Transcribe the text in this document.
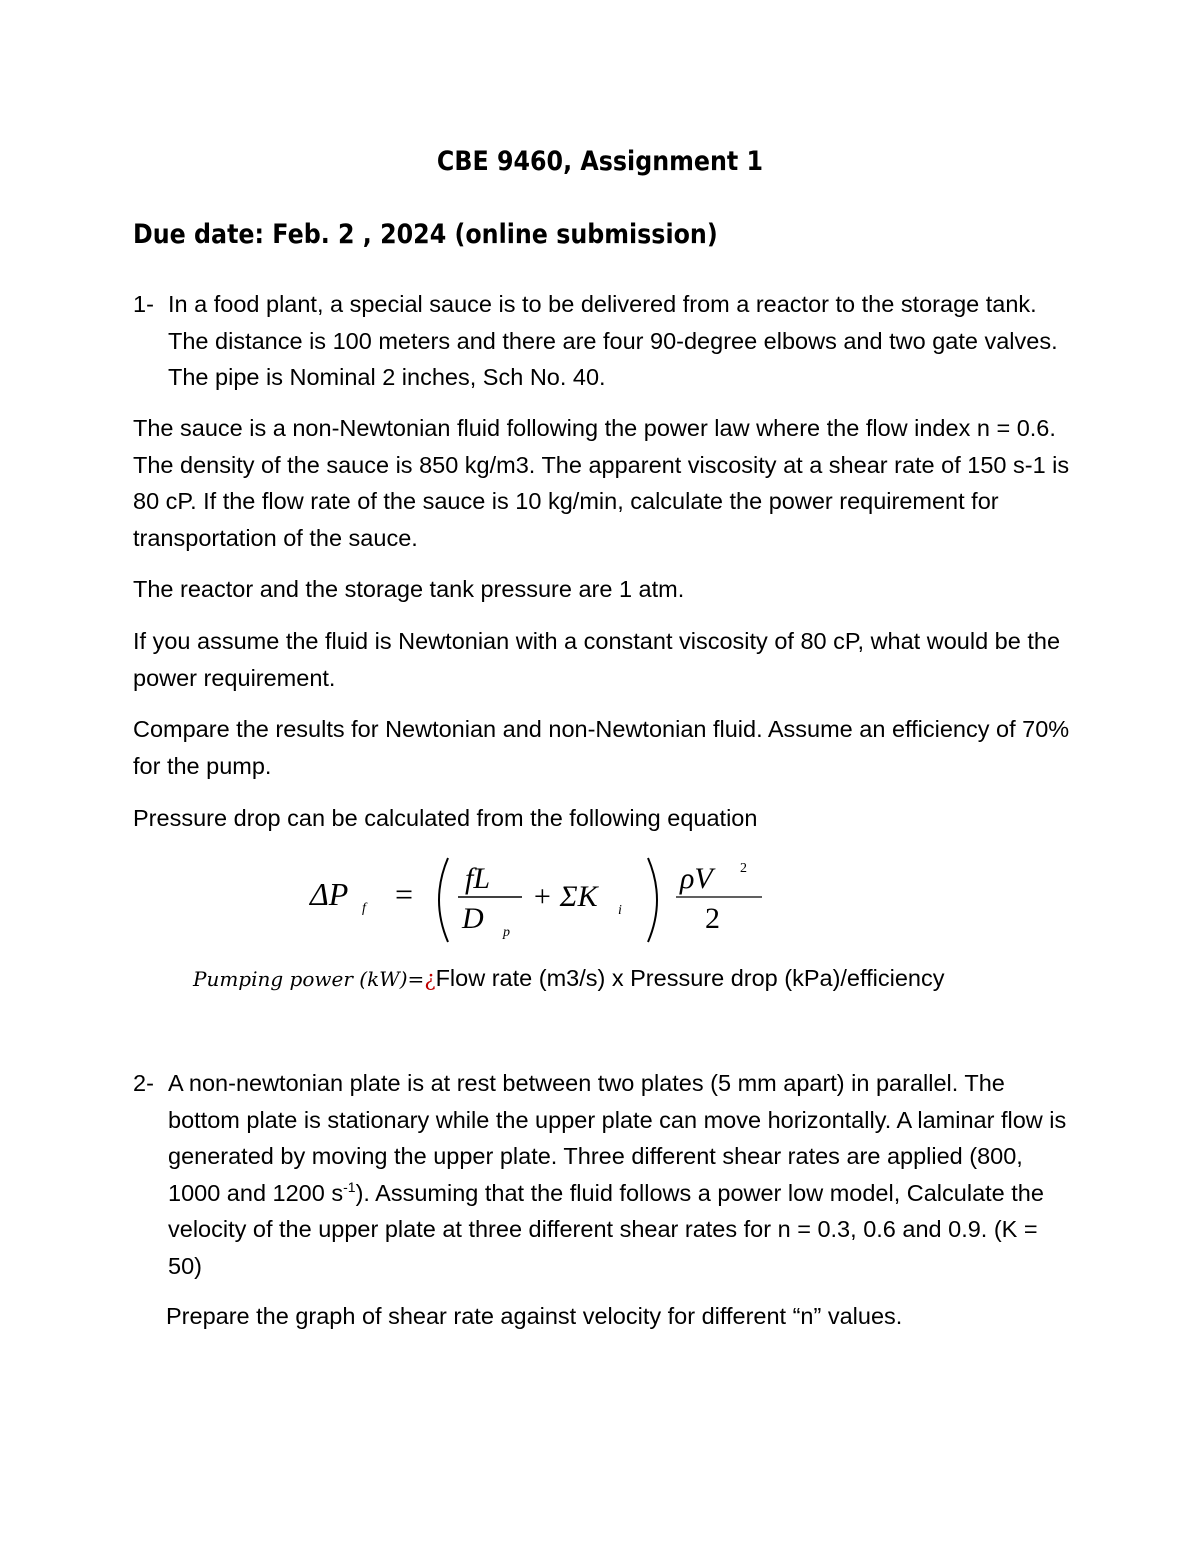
CBE 9460, Assignment 1
Due date: Feb. 2 , 2024 (online submission)
1- In a food plant, a special sauce is to be delivered from a reactor to the storage tank. The distance is 100 meters and there are four 90-degree elbows and two gate valves. The pipe is Nominal 2 inches, Sch No. 40.
The sauce is a non-Newtonian fluid following the power law where the flow index n = 0.6. The density of the sauce is 850 kg/m3. The apparent viscosity at a shear rate of 150 s-1 is 80 cP. If the flow rate of the sauce is 10 kg/min, calculate the power requirement for transportation of the sauce.
The reactor and the storage tank pressure are 1 atm.
If you assume the fluid is Newtonian with a constant viscosity of 80 cP, what would be the power requirement.
Compare the results for Newtonian and non-Newtonian fluid. Assume an efficiency of 70% for the pump.
Pressure drop can be calculated from the following equation
ΔP f = fL
D p
+ ΣK i
ρV 2
2
Pumping power (kW)=¿Flow rate (m3/s) x Pressure drop (kPa)/efficiency
2- A non-newtonian plate is at rest between two plates (5 mm apart) in parallel. The bottom plate is stationary while the upper plate can move horizontally. A laminar flow is generated by moving the upper plate. Three different shear rates are applied (800, 1000 and 1200 $s^{-1}$). Assuming that the fluid follows a power low model, Calculate the velocity of the upper plate at three different shear rates for n = 0.3, 0.6 and 0.9. (K = 50)
Prepare the graph of shear rate against velocity for different “n” values.
